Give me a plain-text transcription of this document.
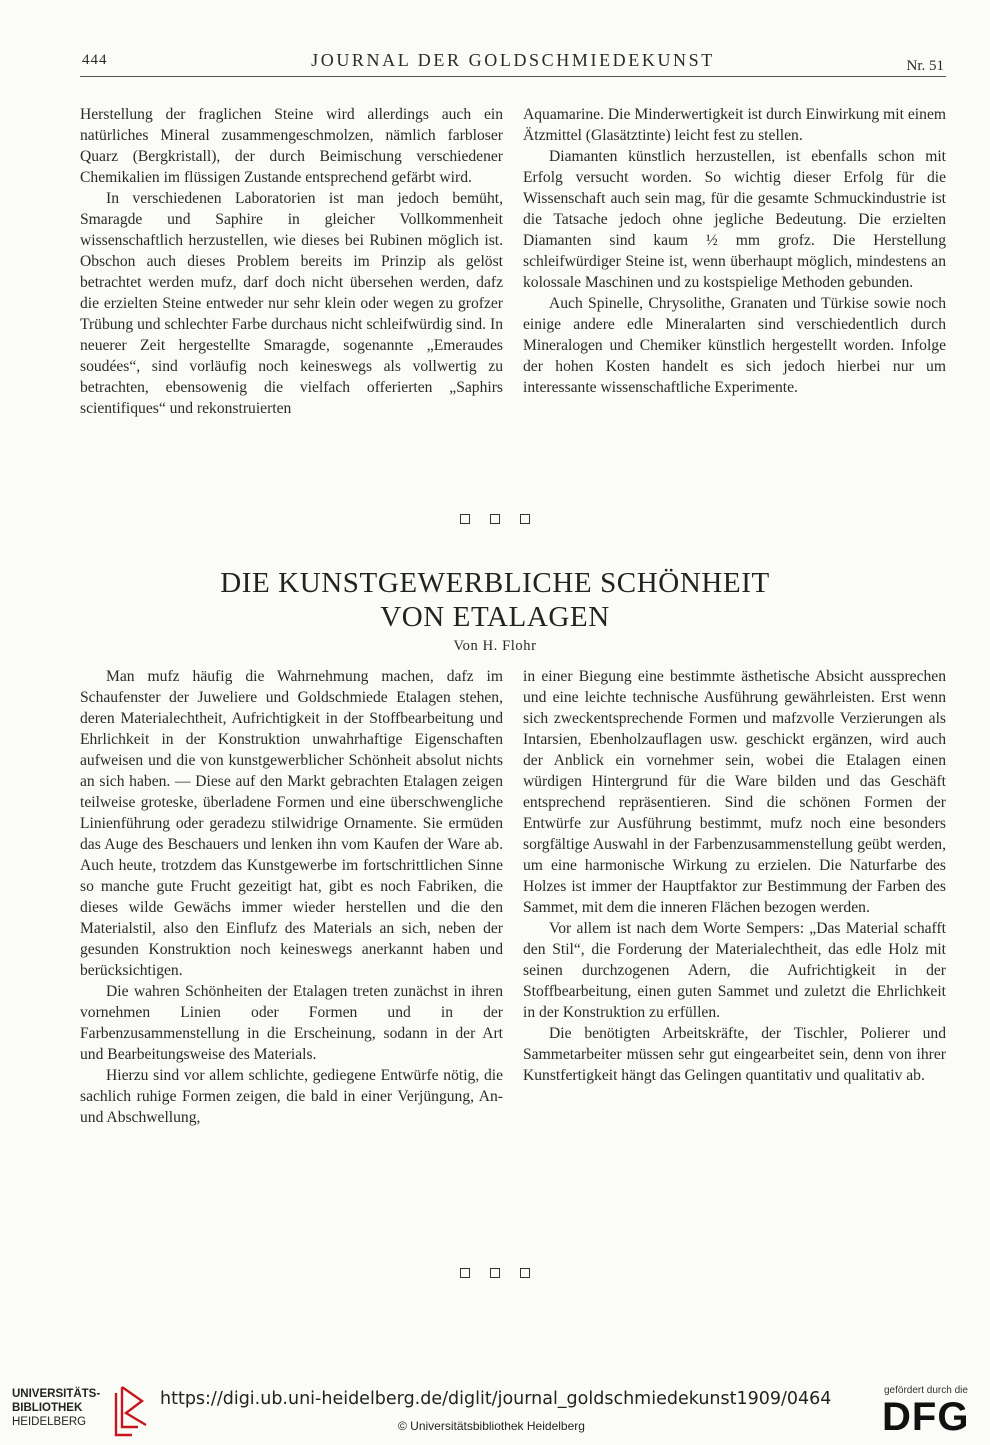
444	JOURNAL DER GOLDSCHMIEDEKUNST	Nr. 51

Herstellung der fraglichen Steine wird allerdings auch ein natürliches Mineral zusammengeschmolzen, nämlich farbloser Quarz (Bergkristall), der durch Beimischung verschiedener Chemikalien im flüssigen Zustande entsprechend gefärbt wird.

In verschiedenen Laboratorien ist man jedoch bemüht, Smaragde und Saphire in gleicher Vollkommenheit wissenschaftlich herzustellen, wie dieses bei Rubinen möglich ist. Obschon auch dieses Problem bereits im Prinzip als gelöst betrachtet werden mufz, darf doch nicht übersehen werden, dafz die erzielten Steine entweder nur sehr klein oder wegen zu grofzer Trübung und schlechter Farbe durchaus nicht schleifwürdig sind. In neuerer Zeit hergestellte Smaragde, sogenannte „Emeraudes soudées“, sind vorläufig noch keineswegs als vollwertig zu betrachten, ebensowenig die vielfach offerierten „Saphirs scientifiques“ und rekonstruierten

Aquamarine. Die Minderwertigkeit ist durch Einwirkung mit einem Ätzmittel (Glasätztinte) leicht fest zu stellen.

Diamanten künstlich herzustellen, ist ebenfalls schon mit Erfolg versucht worden. So wichtig dieser Erfolg für die Wissenschaft auch sein mag, für die gesamte Schmuckindustrie ist die Tatsache jedoch ohne jegliche Bedeutung. Die erzielten Diamanten sind kaum ½ mm grofz. Die Herstellung schleifwürdiger Steine ist, wenn überhaupt möglich, mindestens an kolossale Maschinen und zu kostspielige Methoden gebunden.

Auch Spinelle, Chrysolithe, Granaten und Türkise sowie noch einige andere edle Mineralarten sind verschiedentlich durch Mineralogen und Chemiker künstlich hergestellt worden. Infolge der hohen Kosten handelt es sich jedoch hierbei nur um interessante wissenschaftliche Experimente.

DIE KUNSTGEWERBLICHE SCHÖNHEIT
VON ETALAGEN
Von H. Flohr

Man mufz häufig die Wahrnehmung machen, dafz im Schaufenster der Juweliere und Goldschmiede Etalagen stehen, deren Materialechtheit, Aufrichtigkeit in der Stoffbearbeitung und Ehrlichkeit in der Konstruktion unwahrhaftige Eigenschaften aufweisen und die von kunstgewerblicher Schönheit absolut nichts an sich haben. — Diese auf den Markt gebrachten Etalagen zeigen teilweise groteske, überladene Formen und eine überschwengliche Linienführung oder geradezu stilwidrige Ornamente. Sie ermüden das Auge des Beschauers und lenken ihn vom Kaufen der Ware ab. Auch heute, trotzdem das Kunstgewerbe im fortschrittlichen Sinne so manche gute Frucht gezeitigt hat, gibt es noch Fabriken, die dieses wilde Gewächs immer wieder herstellen und die den Materialstil, also den Einflufz des Materials an sich, neben der gesunden Konstruktion noch keineswegs anerkannt haben und berücksichtigen.

Die wahren Schönheiten der Etalagen treten zunächst in ihren vornehmen Linien oder Formen und in der Farbenzusammenstellung in die Erscheinung, sodann in der Art und Bearbeitungsweise des Materials.

Hierzu sind vor allem schlichte, gediegene Entwürfe nötig, die sachlich ruhige Formen zeigen, die bald in einer Verjüngung, An- und Abschwellung,

in einer Biegung eine bestimmte ästhetische Absicht aussprechen und eine leichte technische Ausführung gewährleisten. Erst wenn sich zweckentsprechende Formen und mafzvolle Verzierungen als Intarsien, Ebenholzauflagen usw. geschickt ergänzen, wird auch der Anblick ein vornehmer sein, wobei die Etalagen einen würdigen Hintergrund für die Ware bilden und das Geschäft entsprechend repräsentieren. Sind die schönen Formen der Entwürfe zur Ausführung bestimmt, mufz noch eine besonders sorgfältige Auswahl in der Farbenzusammenstellung geübt werden, um eine harmonische Wirkung zu erzielen. Die Naturfarbe des Holzes ist immer der Hauptfaktor zur Bestimmung der Farben des Sammet, mit dem die inneren Flächen bezogen werden.

Vor allem ist nach dem Worte Sempers: „Das Material schafft den Stil“, die Forderung der Materialechtheit, das edle Holz mit seinen durchzogenen Adern, die Aufrichtigkeit in der Stoffbearbeitung, einen guten Sammet und zuletzt die Ehrlichkeit in der Konstruktion zu erfüllen.

Die benötigten Arbeitskräfte, der Tischler, Polierer und Sammetarbeiter müssen sehr gut eingearbeitet sein, denn von ihrer Kunstfertigkeit hängt das Gelingen quantitativ und qualitativ ab.

UNIVERSITÄTS-
BIBLIOTHEK
HEIDELBERG
https://digi.ub.uni-heidelberg.de/diglit/journal_goldschmiedekunst1909/0464
© Universitätsbibliothek Heidelberg
gefördert durch die
DFG
